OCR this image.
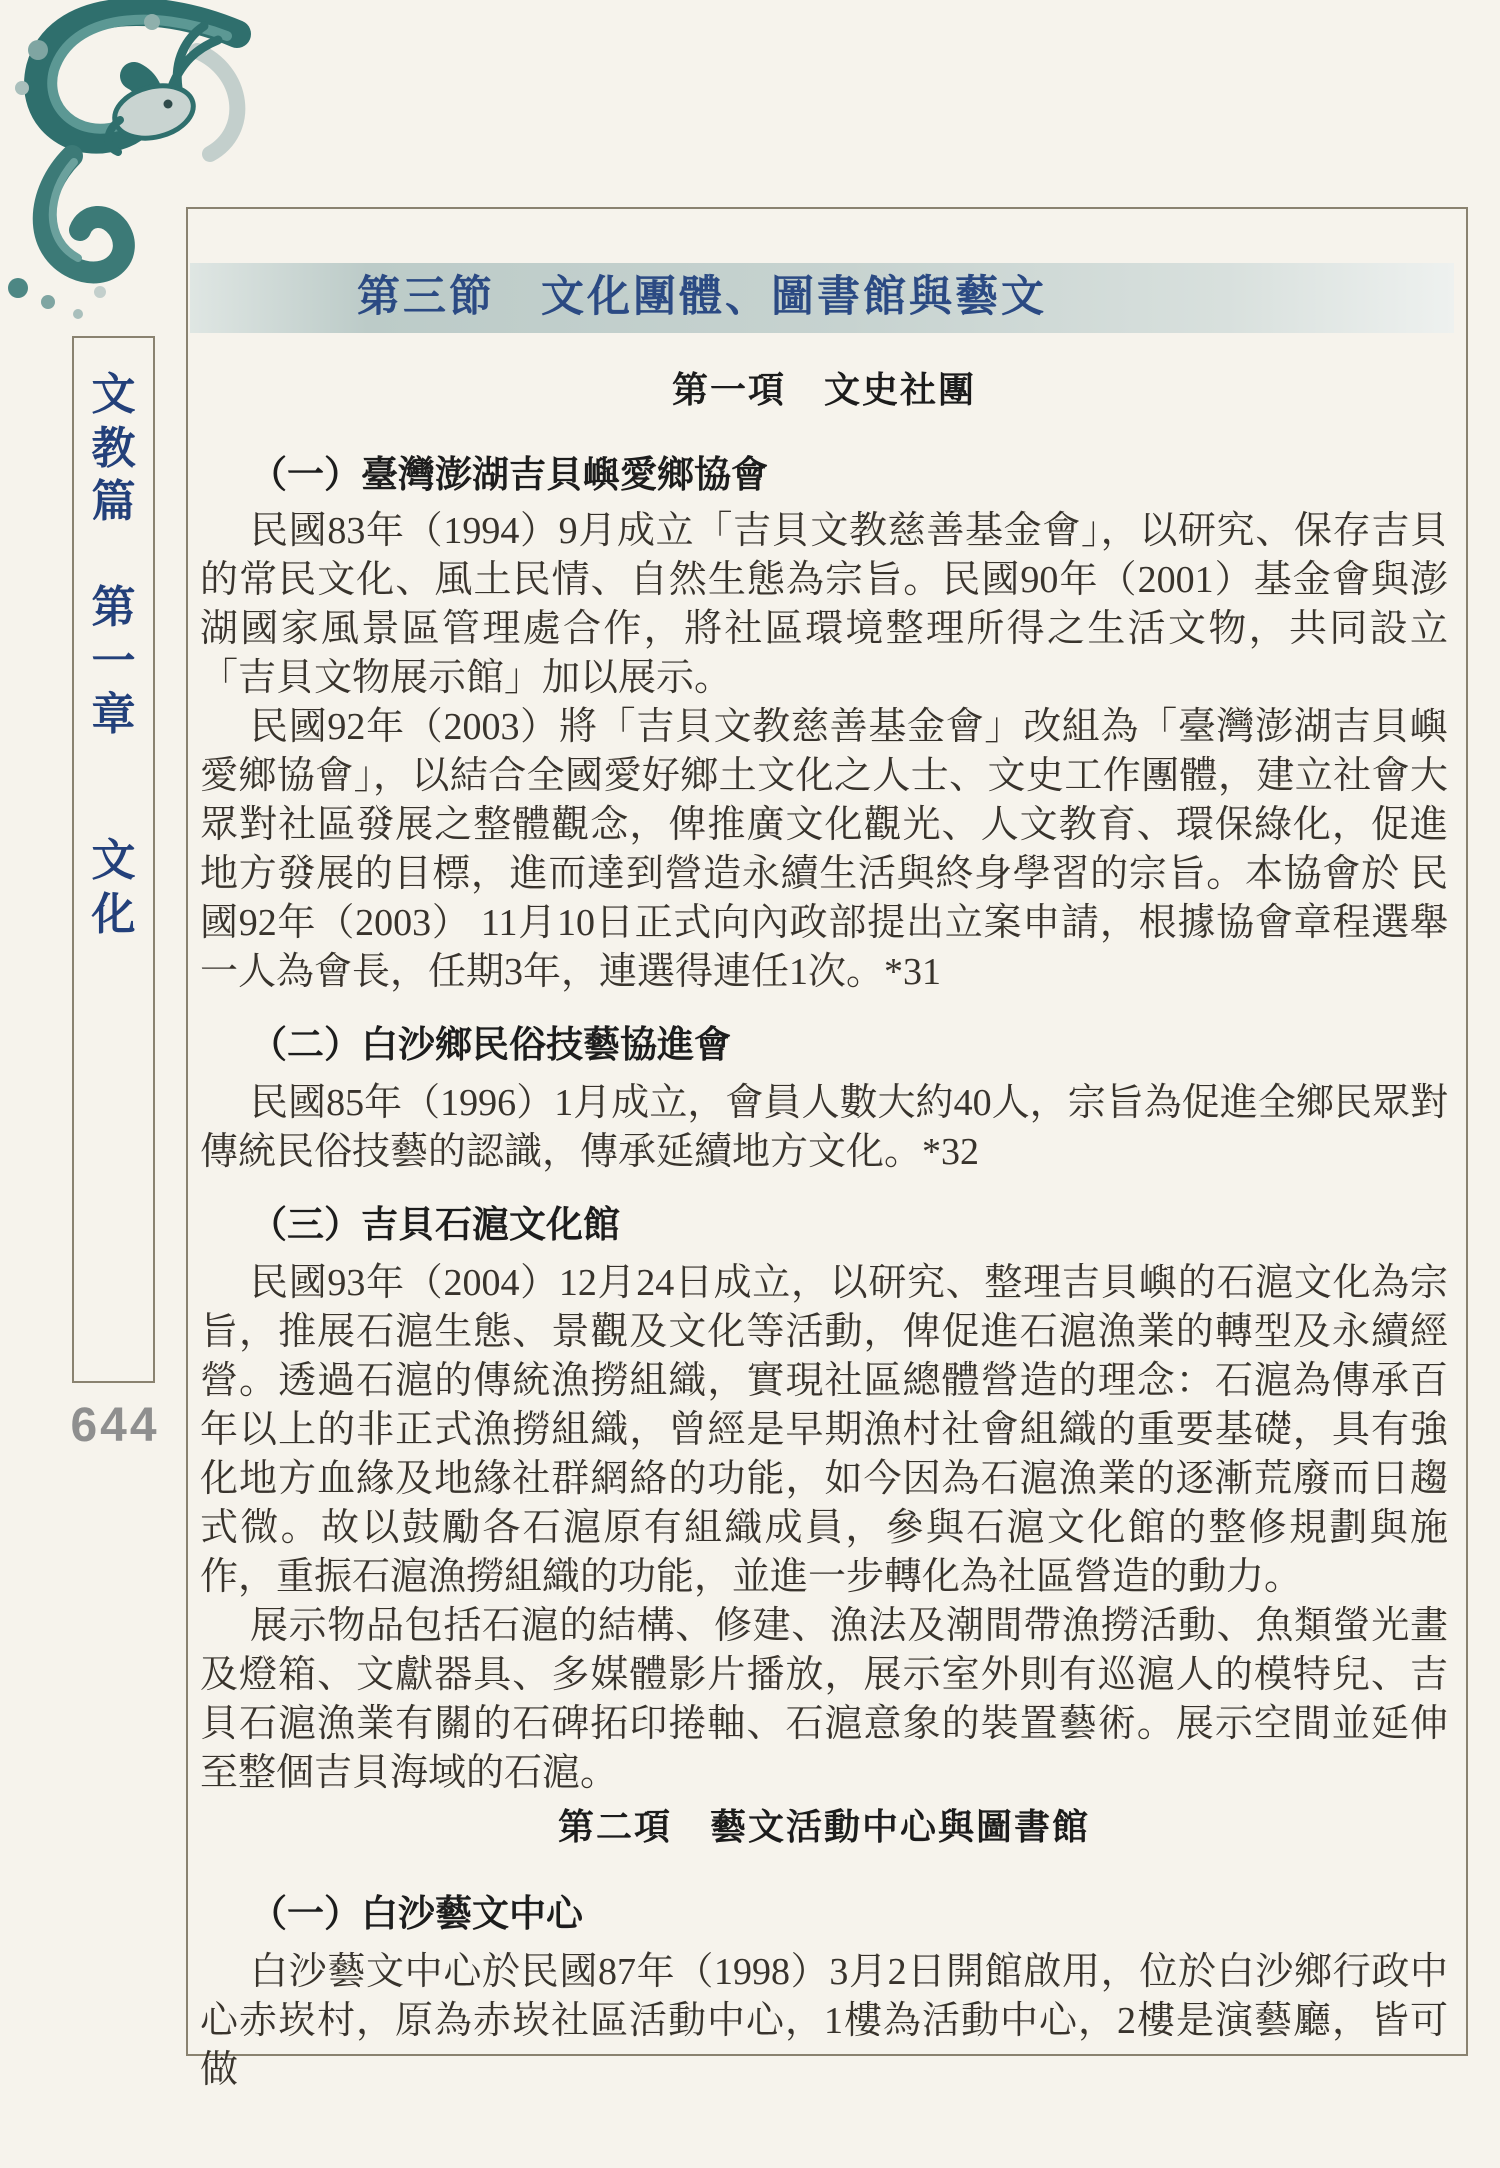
第三節　文化團體、圖書館與藝文
第一項　文史社團
（一）臺灣澎湖吉貝嶼愛鄉協會

民國83年（1994）9月成立「吉貝文教慈善基金會」，以研究、保存吉貝的常民文化、風土民情、自然生態為宗旨。民國90年（2001）基金會與澎湖國家風景區管理處合作，將社區環境整理所得之生活文物，共同設立「吉貝文物展示館」加以展示。

民國92年（2003）將「吉貝文教慈善基金會」改組為「臺灣澎湖吉貝嶼愛鄉協會」，以結合全國愛好鄉土文化之人士、文史工作團體，建立社會大眾對社區發展之整體觀念，俾推廣文化觀光、人文教育、環保綠化，促進地方發展的目標，進而達到營造永續生活與終身學習的宗旨。本協會於 民國92年（2003） 11月10日正式向內政部提出立案申請，根據協會章程選舉一人為會長，任期3年，連選得連任1次。*31

（二）白沙鄉民俗技藝協進會

民國85年（1996）1月成立，會員人數大約40人，宗旨為促進全鄉民眾對傳統民俗技藝的認識，傳承延續地方文化。*32

（三）吉貝石滬文化館

民國93年（2004）12月24日成立，以研究、整理吉貝嶼的石滬文化為宗旨，推展石滬生態、景觀及文化等活動，俾促進石滬漁業的轉型及永續經營。透過石滬的傳統漁撈組織，實現社區總體營造的理念：石滬為傳承百年以上的非正式漁撈組織，曾經是早期漁村社會組織的重要基礎，具有強化地方血緣及地緣社群網絡的功能，如今因為石滬漁業的逐漸荒廢而日趨式微。故以鼓勵各石滬原有組織成員，參與石滬文化館的整修規劃與施作，重振石滬漁撈組織的功能，並進一步轉化為社區營造的動力。

展示物品包括石滬的結構、修建、漁法及潮間帶漁撈活動、魚類螢光畫及燈箱、文獻器具、多媒體影片播放，展示室外則有巡滬人的模特兒、吉貝石滬漁業有關的石碑拓印捲軸、石滬意象的裝置藝術。展示空間並延伸至整個吉貝海域的石滬。

第二項　藝文活動中心與圖書館
（一）白沙藝文中心

白沙藝文中心於民國87年（1998）3月2日開館啟用，位於白沙鄉行政中心赤崁村，原為赤崁社區活動中心，1樓為活動中心，2樓是演藝廳，皆可做

文教篇
第一章
文化
644
